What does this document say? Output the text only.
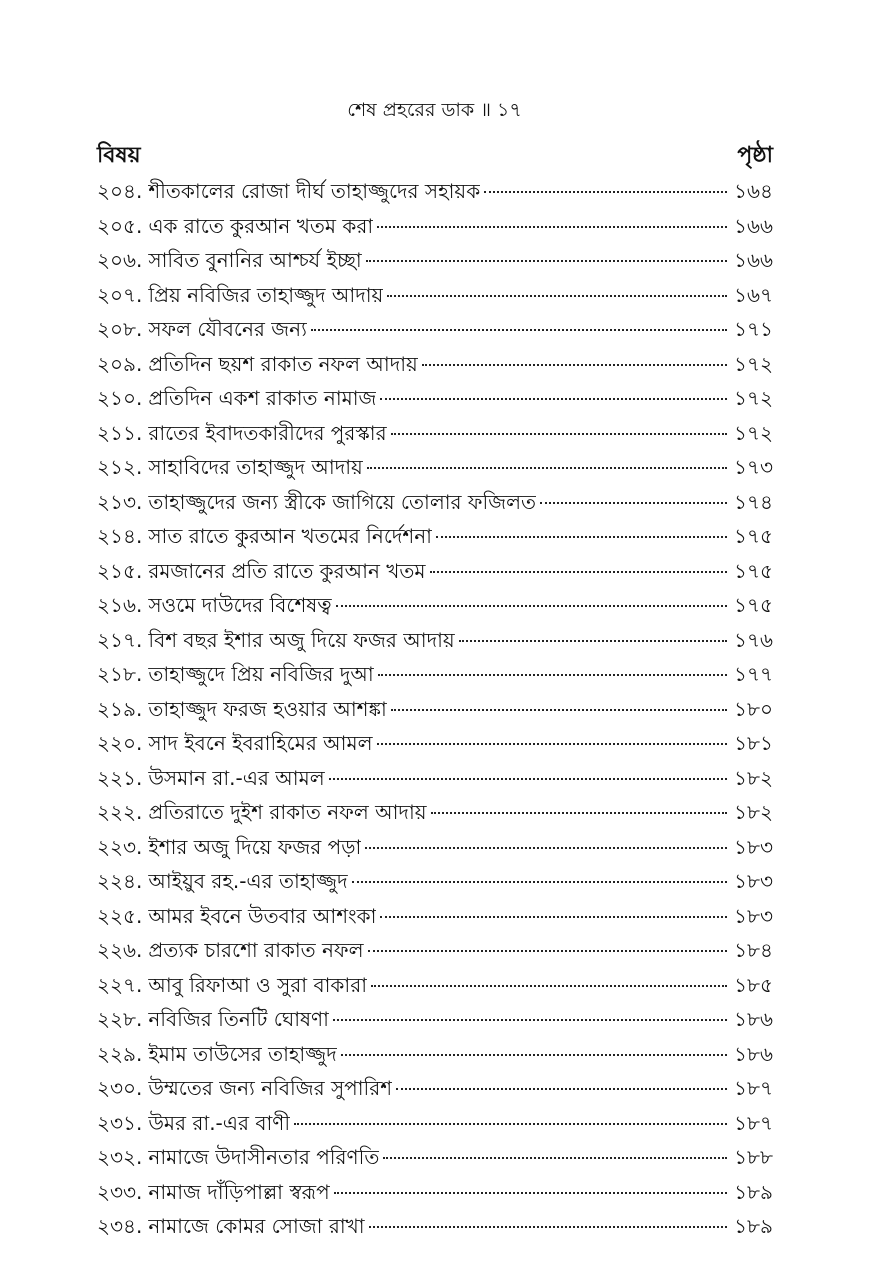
শেষ প্রহরের ডাক ॥ ১৭
বিষয়	পৃষ্ঠা
২০৪. শীতকালের রোজা দীর্ঘ তাহাজ্জুদের সহায়ক	১৬৪
২০৫. এক রাতে কুরআন খতম করা	১৬৬
২০৬. সাবিত বুনানির আশ্চর্য ইচ্ছা	১৬৬
২০৭. প্রিয় নবিজির তাহাজ্জুদ আদায়	১৬৭
২০৮. সফল যৌবনের জন্য	১৭১
২০৯. প্রতিদিন ছয়শ রাকাত নফল আদায়	১৭২
২১০. প্রতিদিন একশ রাকাত নামাজ	১৭২
২১১. রাতের ইবাদতকারীদের পুরস্কার	১৭২
২১২. সাহাবিদের তাহাজ্জুদ আদায়	১৭৩
২১৩. তাহাজ্জুদের জন্য স্ত্রীকে জাগিয়ে তোলার ফজিলত	১৭৪
২১৪. সাত রাতে কুরআন খতমের নির্দেশনা	১৭৫
২১৫. রমজানের প্রতি রাতে কুরআন খতম	১৭৫
২১৬. সওমে দাউদের বিশেষত্ব	১৭৫
২১৭. বিশ বছর ইশার অজু দিয়ে ফজর আদায়	১৭৬
২১৮. তাহাজ্জুদে প্রিয় নবিজির দুআ	১৭৭
২১৯. তাহাজ্জুদ ফরজ হওয়ার আশঙ্কা	১৮০
২২০. সাদ ইবনে ইবরাহিমের আমল	১৮১
২২১. উসমান রা.-এর আমল	১৮২
২২২. প্রতিরাতে দুইশ রাকাত নফল আদায়	১৮২
২২৩. ইশার অজু দিয়ে ফজর পড়া	১৮৩
২২৪. আইয়ুব রহ.-এর তাহাজ্জুদ	১৮৩
২২৫. আমর ইবনে উতবার আশংকা	১৮৩
২২৬. প্রত্যক চারশো রাকাত নফল	১৮৪
২২৭. আবু রিফাআ ও সুরা বাকারা	১৮৫
২২৮. নবিজির তিনটি ঘোষণা	১৮৬
২২৯. ইমাম তাউসের তাহাজ্জুদ	১৮৬
২৩০. উম্মতের জন্য নবিজির সুপারিশ	১৮৭
২৩১. উমর রা.-এর বাণী	১৮৭
২৩২. নামাজে উদাসীনতার পরিণতি	১৮৮
২৩৩. নামাজ দাঁড়িপাল্লা স্বরূপ	১৮৯
২৩৪. নামাজে কোমর সোজা রাখা	১৮৯
